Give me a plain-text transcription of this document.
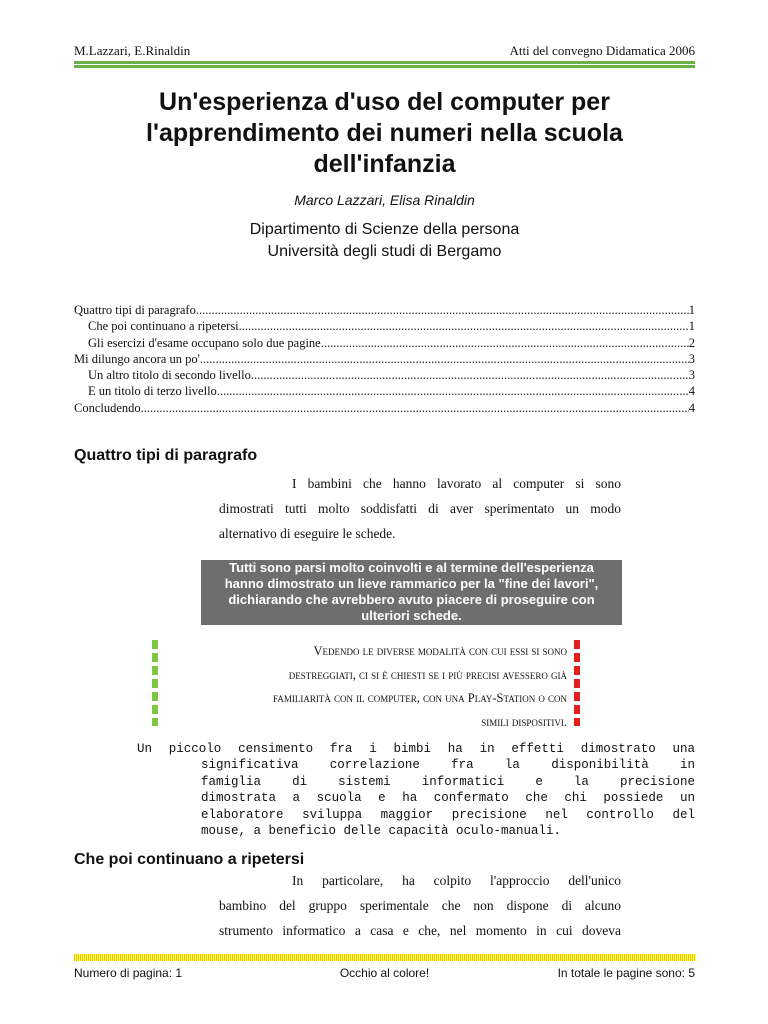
M.Lazzari, E.Rinaldin	Atti del convegno Didamatica 2006
Un'esperienza d'uso del computer per
l'apprendimento dei numeri nella scuola
dell'infanzia
Marco Lazzari, Elisa Rinaldin
Dipartimento di Scienze della persona
Università degli studi di Bergamo
Quattro tipi di paragrafo .....	1
Che poi continuano a ripetersi .....	1
Gli esercizi d'esame occupano solo due pagine .....	2
Mi dilungo ancora un po' .....	3
Un altro titolo di secondo livello .....	3
E un titolo di terzo livello .....	4
Concludendo .....	4
Quattro tipi di paragrafo
I bambini che hanno lavorato al computer si sono
dimostrati tutti molto soddisfatti di aver sperimentato un modo
alternativo di eseguire le schede.
Tutti sono parsi molto coinvolti e al termine dell'esperienza
hanno dimostrato un lieve rammarico per la "fine dei lavori",
dichiarando che avrebbero avuto piacere di proseguire con
ulteriori schede.
Vedendo le diverse modalità con cui essi si sono
destreggiati, ci si è chiesti se i più precisi avessero già
familiarità con il computer, con una Play-Station o con
simili dispositivi.
Un piccolo censimento fra i bimbi ha in effetti dimostrato una
significativa correlazione fra la disponibilità in
famiglia di sistemi informatici e la precisione
dimostrata a scuola e ha confermato che chi possiede un
elaboratore sviluppa maggior precisione nel controllo del
mouse, a beneficio delle capacità oculo-manuali.
Che poi continuano a ripetersi
In particolare, ha colpito l'approccio dell'unico
bambino del gruppo sperimentale che non dispone di alcuno
strumento informatico a casa e che, nel momento in cui doveva
Numero di pagina: 1	Occhio al colore!	In totale le pagine sono: 5
